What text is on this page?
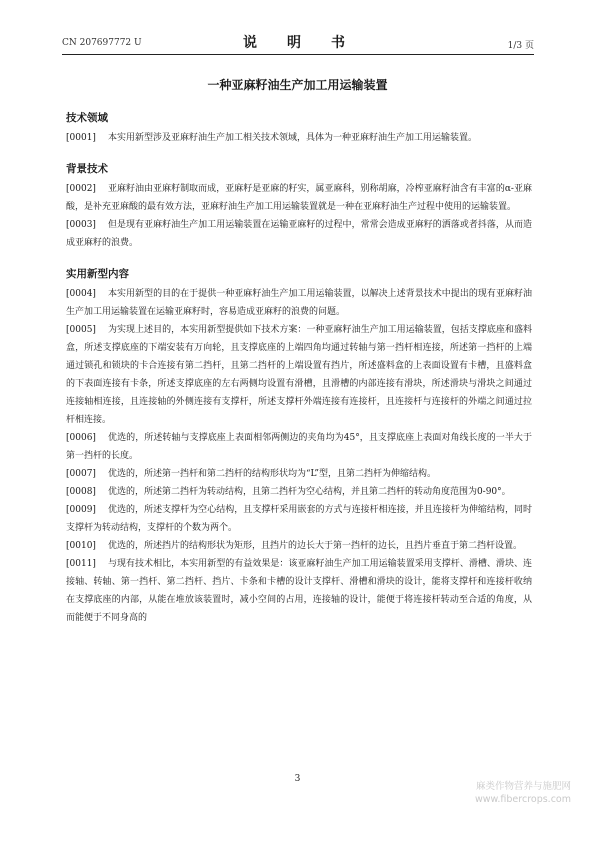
CN 207697772 U	说　明　书	1/3 页
一种亚麻籽油生产加工用运输装置
技术领域

[0001] 本实用新型涉及亚麻籽油生产加工相关技术领域，具体为一种亚麻籽油生产加工用运输装置。

背景技术

[0002] 亚麻籽油由亚麻籽制取而成，亚麻籽是亚麻的籽实，属亚麻科，别称胡麻，冷榨亚麻籽油含有丰富的α-亚麻酸，是补充亚麻酸的最有效方法，亚麻籽油生产加工用运输装置就是一种在亚麻籽油生产过程中使用的运输装置。

[0003] 但是现有亚麻籽油生产加工用运输装置在运输亚麻籽的过程中，常常会造成亚麻籽的洒落或者抖落，从而造成亚麻籽的浪费。

实用新型内容

[0004] 本实用新型的目的在于提供一种亚麻籽油生产加工用运输装置，以解决上述背景技术中提出的现有亚麻籽油生产加工用运输装置在运输亚麻籽时，容易造成亚麻籽的浪费的问题。

[0005] 为实现上述目的，本实用新型提供如下技术方案：一种亚麻籽油生产加工用运输装置，包括支撑底座和盛料盒，所述支撑底座的下端安装有万向轮，且支撑底座的上端四角均通过转轴与第一挡杆相连接，所述第一挡杆的上端通过锁孔和锁块的卡合连接有第二挡杆，且第二挡杆的上端设置有挡片，所述盛料盒的上表面设置有卡槽，且盛料盒的下表面连接有卡条，所述支撑底座的左右两侧均设置有滑槽，且滑槽的内部连接有滑块，所述滑块与滑块之间通过连接轴相连接，且连接轴的外侧连接有支撑杆，所述支撑杆外端连接有连接杆，且连接杆与连接杆的外端之间通过拉杆相连接。

[0006] 优选的，所述转轴与支撑底座上表面相邻两侧边的夹角均为45°，且支撑底座上表面对角线长度的一半大于第一挡杆的长度。

[0007] 优选的，所述第一挡杆和第二挡杆的结构形状均为“L”型，且第二挡杆为伸缩结构。

[0008] 优选的，所述第二挡杆为转动结构，且第二挡杆为空心结构，并且第二挡杆的转动角度范围为0-90°。

[0009] 优选的，所述支撑杆为空心结构，且支撑杆采用嵌套的方式与连接杆相连接，并且连接杆为伸缩结构，同时支撑杆为转动结构，支撑杆的个数为两个。

[0010] 优选的，所述挡片的结构形状为矩形，且挡片的边长大于第一挡杆的边长，且挡片垂直于第二挡杆设置。

[0011] 与现有技术相比，本实用新型的有益效果是：该亚麻籽油生产加工用运输装置采用支撑杆、滑槽、滑块、连接轴、转轴、第一挡杆、第二挡杆、挡片、卡条和卡槽的设计支撑杆、滑槽和滑块的设计，能将支撑杆和连接杆收纳在支撑底座的内部，从能在堆放该装置时，减小空间的占用，连接轴的设计，能便于将连接杆转动至合适的角度，从而能便于不同身高的

3
麻类作物营养与施肥网
www.fibercrops.com
